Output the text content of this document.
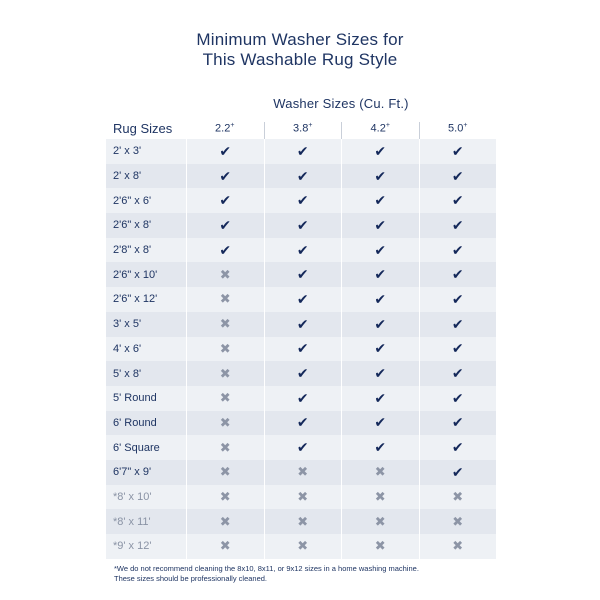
Minimum Washer Sizes for
This Washable Rug Style
Washer Sizes (Cu. Ft.)
Rug Sizes	2.2+	3.8+	4.2+	5.0+
2' x 3'	✔	✔	✔	✔
2' x 8'	✔	✔	✔	✔
2'6" x 6'	✔	✔	✔	✔
2'6" x 8'	✔	✔	✔	✔
2'8" x 8'	✔	✔	✔	✔
2'6" x 10'	✖	✔	✔	✔
2'6" x 12'	✖	✔	✔	✔
3' x 5'	✖	✔	✔	✔
4' x 6'	✖	✔	✔	✔
5' x 8'	✖	✔	✔	✔
5' Round	✖	✔	✔	✔
6' Round	✖	✔	✔	✔
6' Square	✖	✔	✔	✔
6'7" x 9'	✖	✖	✖	✔
*8' x 10'	✖	✖	✖	✖
*8' x 11'	✖	✖	✖	✖
*9' x 12'	✖	✖	✖	✖
*We do not recommend cleaning the 8x10, 8x11, or 9x12 sizes in a home washing machine.
These sizes should be professionally cleaned.
